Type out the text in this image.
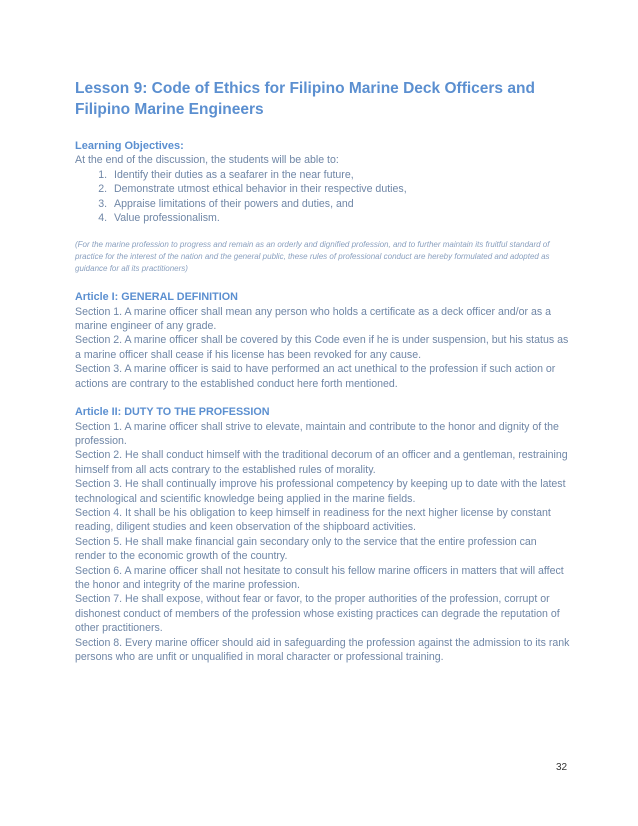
Lesson 9: Code of Ethics for Filipino Marine Deck Officers and Filipino Marine Engineers

Learning Objectives:

At the end of the discussion, the students will be able to:

1. Identify their duties as a seafarer in the near future,
2. Demonstrate utmost ethical behavior in their respective duties,
3. Appraise limitations of their powers and duties, and
4. Value professionalism.

(For the marine profession to progress and remain as an orderly and dignified profession, and to further maintain its fruitful standard of practice for the interest of the nation and the general public, these rules of professional conduct are hereby formulated and adopted as guidance for all its practitioners)

Article I: GENERAL DEFINITION

Section 1. A marine officer shall mean any person who holds a certificate as a deck officer and/or as a marine engineer of any grade.

Section 2. A marine officer shall be covered by this Code even if he is under suspension, but his status as a marine officer shall cease if his license has been revoked for any cause.

Section 3. A marine officer is said to have performed an act unethical to the profession if such action or actions are contrary to the established conduct here forth mentioned.

Article II: DUTY TO THE PROFESSION

Section 1. A marine officer shall strive to elevate, maintain and contribute to the honor and dignity of the profession.

Section 2. He shall conduct himself with the traditional decorum of an officer and a gentleman, restraining himself from all acts contrary to the established rules of morality.

Section 3. He shall continually improve his professional competency by keeping up to date with the latest technological and scientific knowledge being applied in the marine fields.

Section 4. It shall be his obligation to keep himself in readiness for the next higher license by constant reading, diligent studies and keen observation of the shipboard activities.

Section 5. He shall make financial gain secondary only to the service that the entire profession can render to the economic growth of the country.

Section 6. A marine officer shall not hesitate to consult his fellow marine officers in matters that will affect the honor and integrity of the marine profession.

Section 7. He shall expose, without fear or favor, to the proper authorities of the profession, corrupt or dishonest conduct of members of the profession whose existing practices can degrade the reputation of other practitioners.

Section 8. Every marine officer should aid in safeguarding the profession against the admission to its rank persons who are unfit or unqualified in moral character or professional training.

32
